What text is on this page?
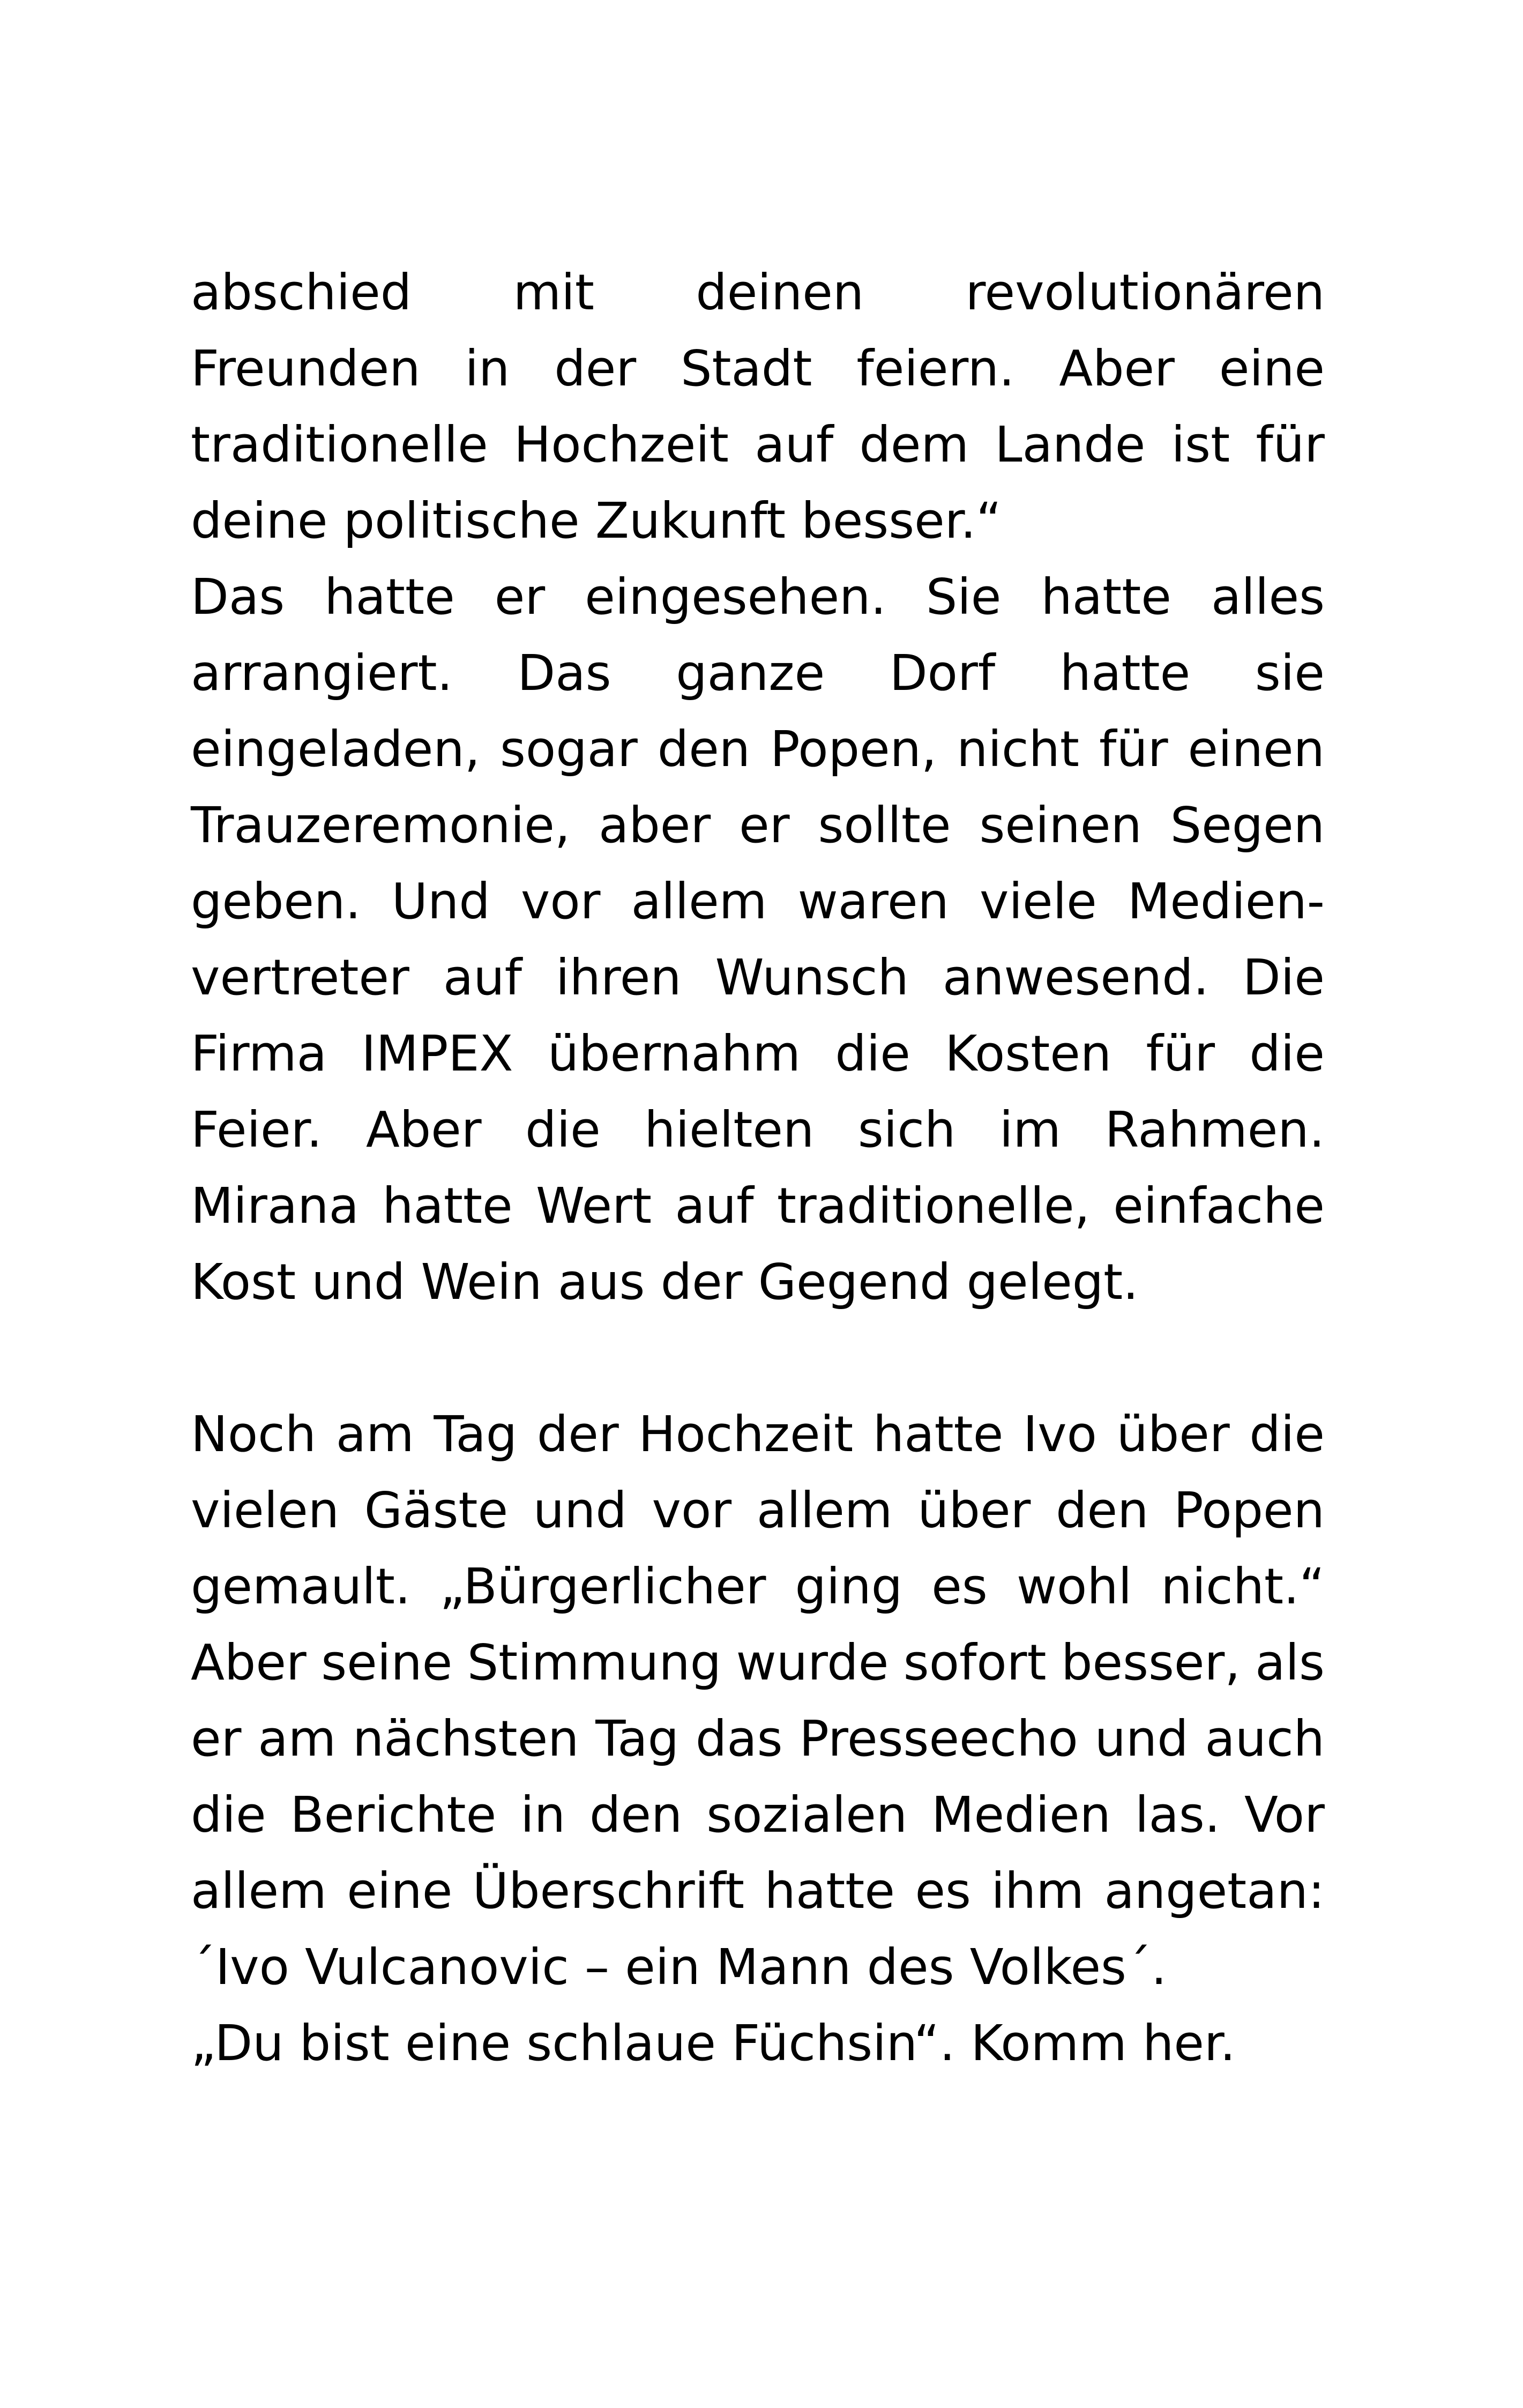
abschied mit deinen revolutionären
Freunden in der Stadt feiern. Aber eine
traditionelle Hochzeit auf dem Lande ist für
deine politische Zukunft besser.“
Das hatte er eingesehen. Sie hatte alles
arrangiert. Das ganze Dorf hatte sie
eingeladen, sogar den Popen, nicht für einen
Trauzeremonie, aber er sollte seinen Segen
geben. Und vor allem waren viele Medien-
vertreter auf ihren Wunsch anwesend. Die
Firma IMPEX übernahm die Kosten für die
Feier. Aber die hielten sich im Rahmen.
Mirana hatte Wert auf traditionelle, einfache
Kost und Wein aus der Gegend gelegt.
Noch am Tag der Hochzeit hatte Ivo über die
vielen Gäste und vor allem über den Popen
gemault. „Bürgerlicher ging es wohl nicht.“
Aber seine Stimmung wurde sofort besser, als
er am nächsten Tag das Presseecho und auch
die Berichte in den sozialen Medien las. Vor
allem eine Überschrift hatte es ihm angetan:
´Ivo Vulcanovic – ein Mann des Volkes´.
„Du bist eine schlaue Füchsin“. Komm her.
